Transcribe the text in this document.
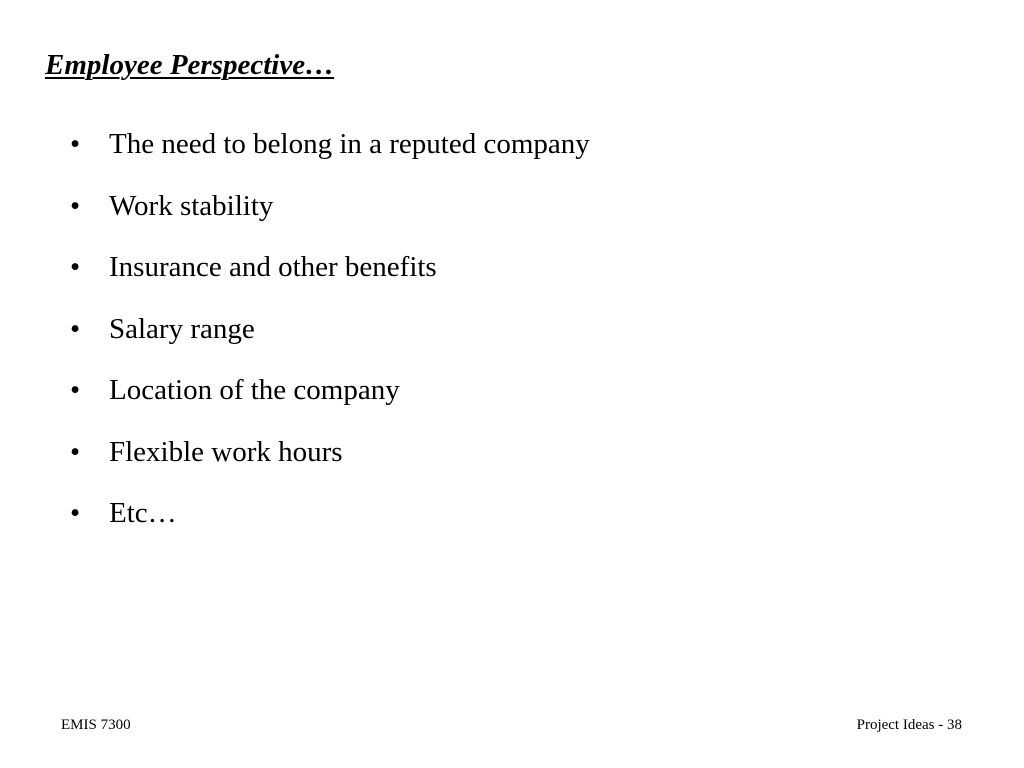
Employee Perspective…
• The need to belong in a reputed company
• Work stability
• Insurance and other benefits
• Salary range
• Location of the company
• Flexible work hours
• Etc…
EMIS 7300	Project Ideas - 38
